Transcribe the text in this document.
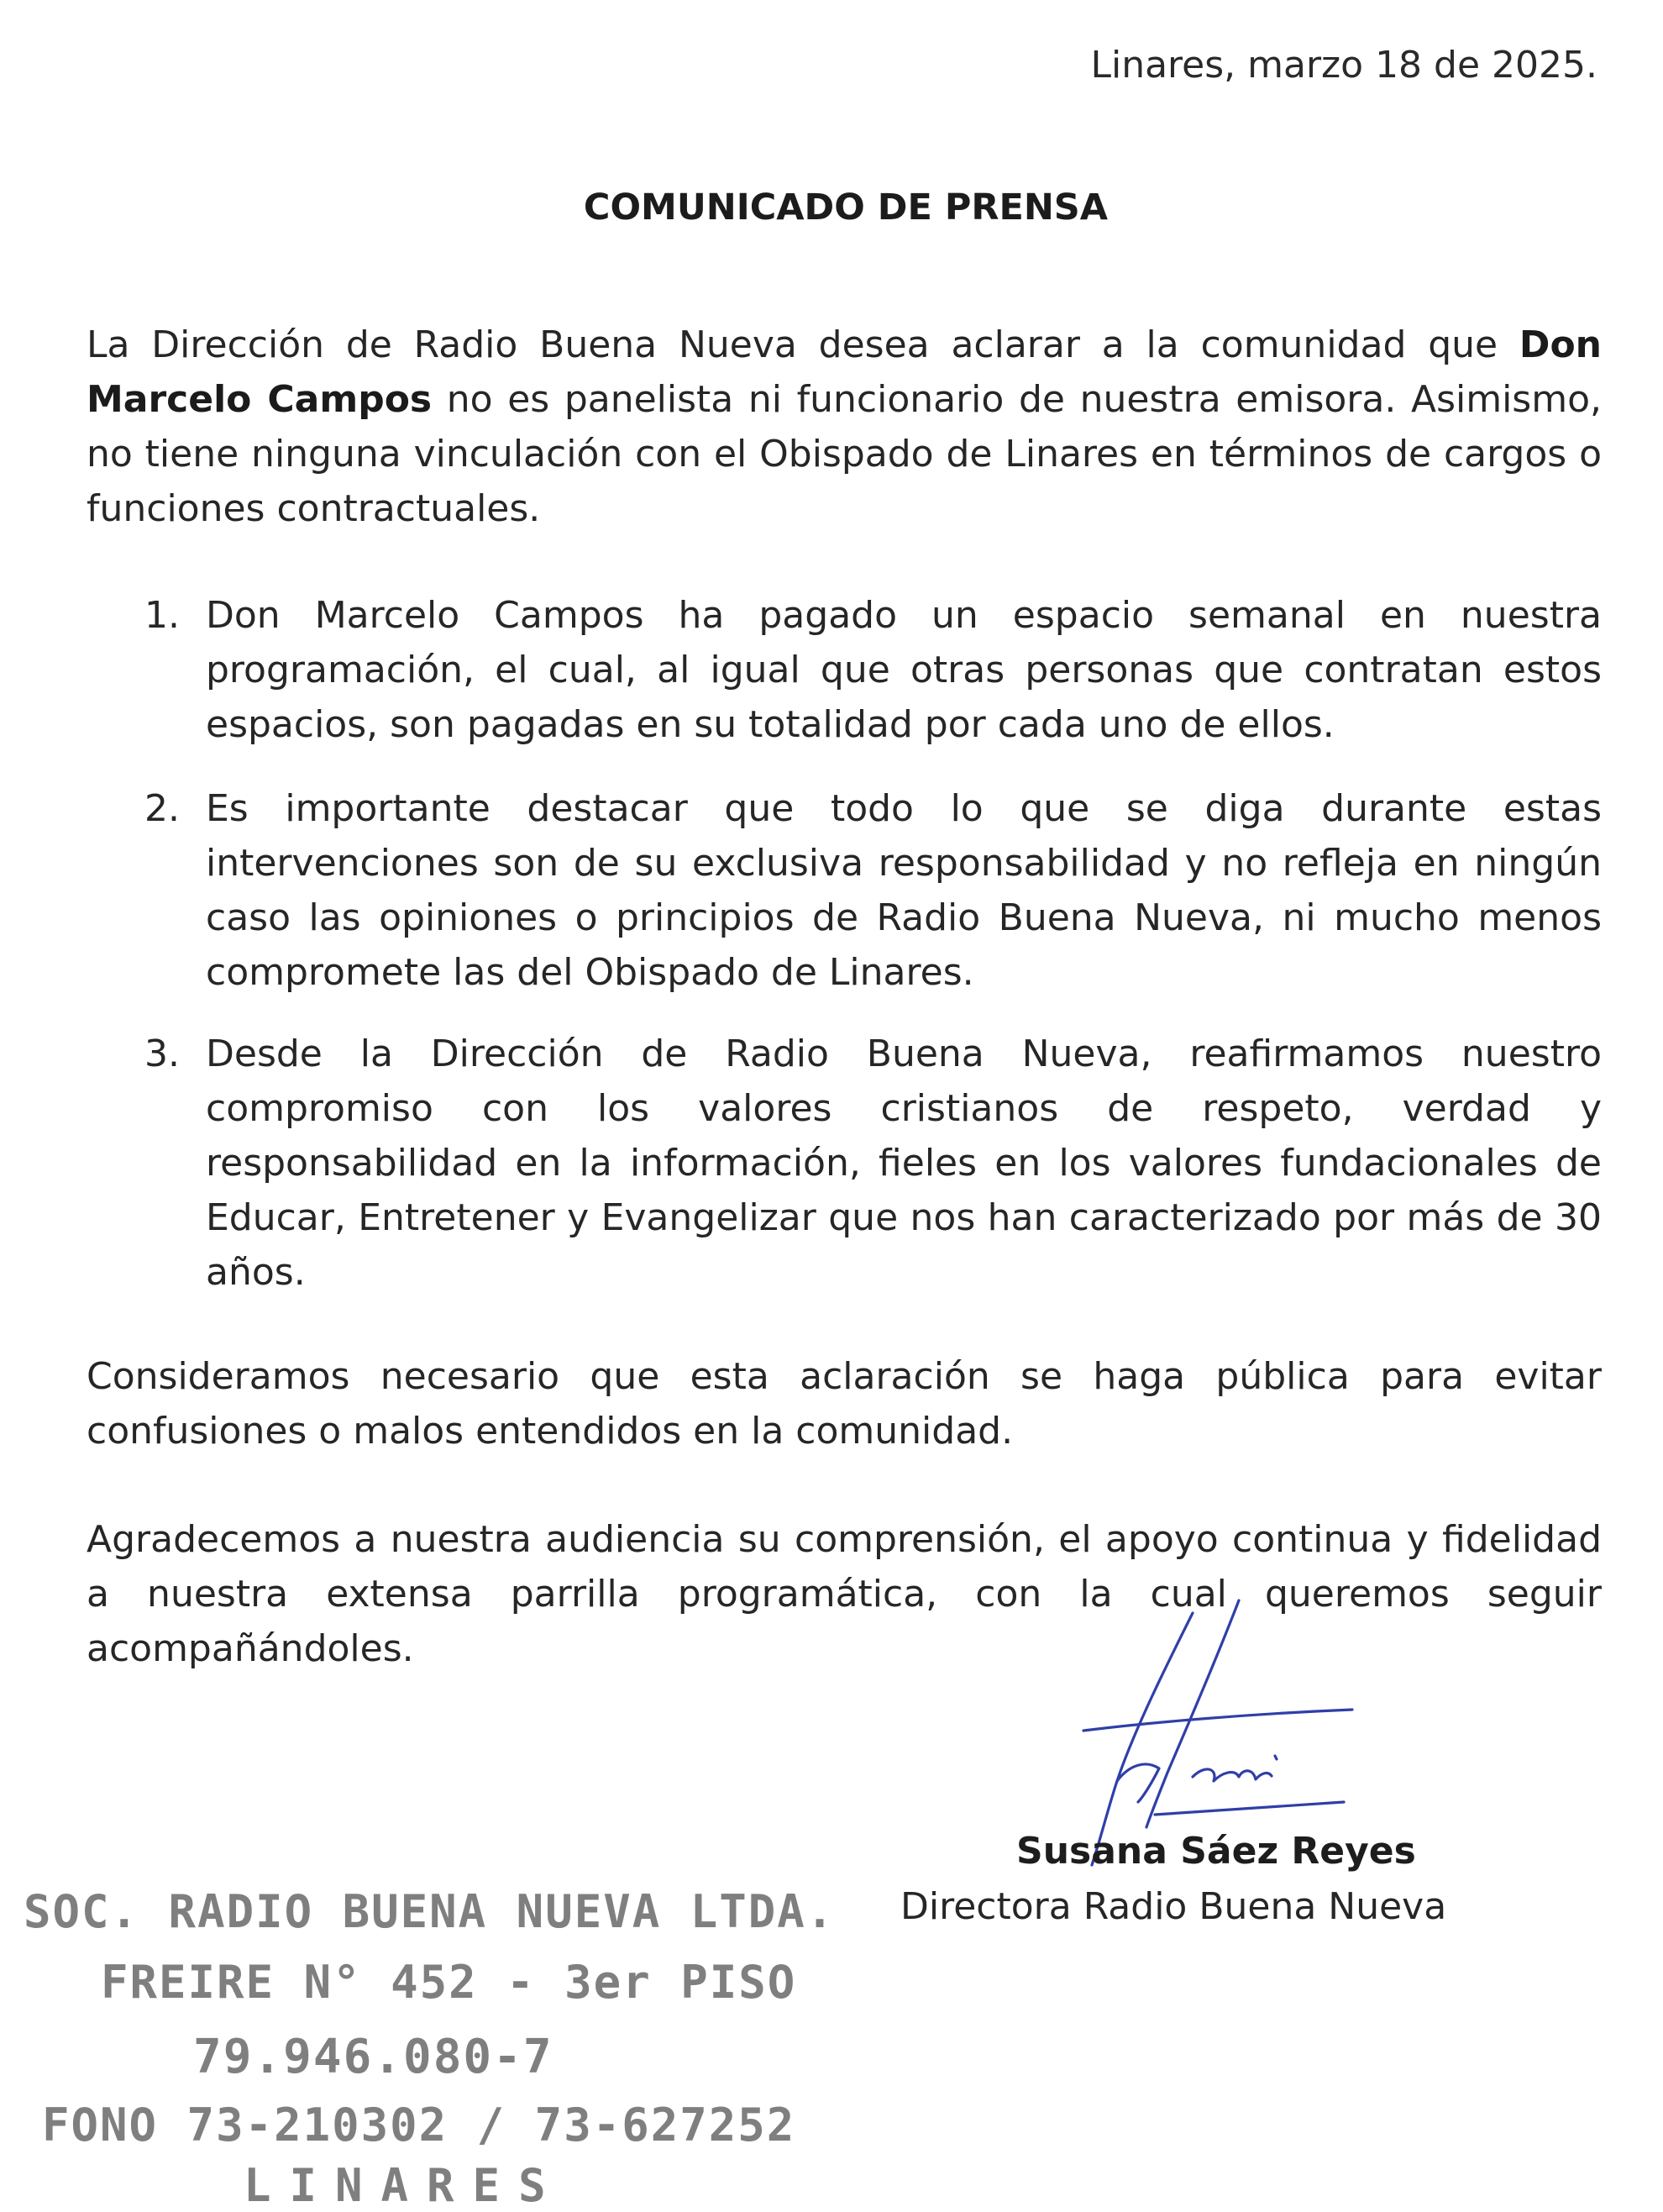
Linares, marzo 18 de 2025.
COMUNICADO DE PRENSA
La Dirección de Radio Buena Nueva desea aclarar a la comunidad que Don Marcelo Campos no es panelista ni funcionario de nuestra emisora. Asimismo, no tiene ninguna vinculación con el Obispado de Linares en términos de cargos o funciones contractuales.
1. Don Marcelo Campos ha pagado un espacio semanal en nuestra programación, el cual, al igual que otras personas que contratan estos espacios, son pagadas en su totalidad por cada uno de ellos.
2. Es importante destacar que todo lo que se diga durante estas intervenciones son de su exclusiva responsabilidad y no refleja en ningún caso las opiniones o principios de Radio Buena Nueva, ni mucho menos compromete las del Obispado de Linares.
3. Desde la Dirección de Radio Buena Nueva, reafirmamos nuestro compromiso con los valores cristianos de respeto, verdad y responsabilidad en la información, fieles en los valores fundacionales de Educar, Entretener y Evangelizar que nos han caracterizado por más de 30 años.
Consideramos necesario que esta aclaración se haga pública para evitar confusiones o malos entendidos en la comunidad.
Agradecemos a nuestra audiencia su comprensión, el apoyo continua y fidelidad a nuestra extensa parrilla programática, con la cual queremos seguir acompañándoles.
Susana Sáez Reyes
Directora Radio Buena Nueva
SOC. RADIO BUENA NUEVA LTDA.
FREIRE N° 452 - 3er PISO
79.946.080-7
FONO 73-210302 / 73-627252
LINARES
